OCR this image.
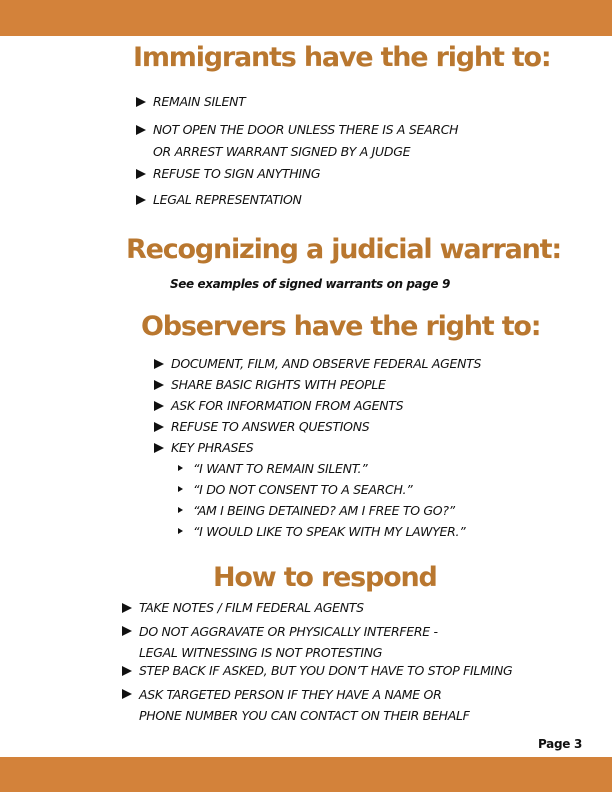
Immigrants have the right to:
REMAIN SILENT
NOT OPEN THE DOOR UNLESS THERE IS A SEARCH
OR ARREST WARRANT SIGNED BY A JUDGE
REFUSE TO SIGN ANYTHING
LEGAL REPRESENTATION
Recognizing a judicial warrant:
See examples of signed warrants on page 9
Observers have the right to:
DOCUMENT, FILM, AND OBSERVE FEDERAL AGENTS
SHARE BASIC RIGHTS WITH PEOPLE
ASK FOR INFORMATION FROM AGENTS
REFUSE TO ANSWER QUESTIONS
KEY PHRASES
“I WANT TO REMAIN SILENT.”
“I DO NOT CONSENT TO A SEARCH.”
“AM I BEING DETAINED? AM I FREE TO GO?”
“I WOULD LIKE TO SPEAK WITH MY LAWYER.”
How to respond
TAKE NOTES / FILM FEDERAL AGENTS
DO NOT AGGRAVATE OR PHYSICALLY INTERFERE -
LEGAL WITNESSING IS NOT PROTESTING
STEP BACK IF ASKED, BUT YOU DON’T HAVE TO STOP FILMING
ASK TARGETED PERSON IF THEY HAVE A NAME OR
PHONE NUMBER YOU CAN CONTACT ON THEIR BEHALF
Page 3
